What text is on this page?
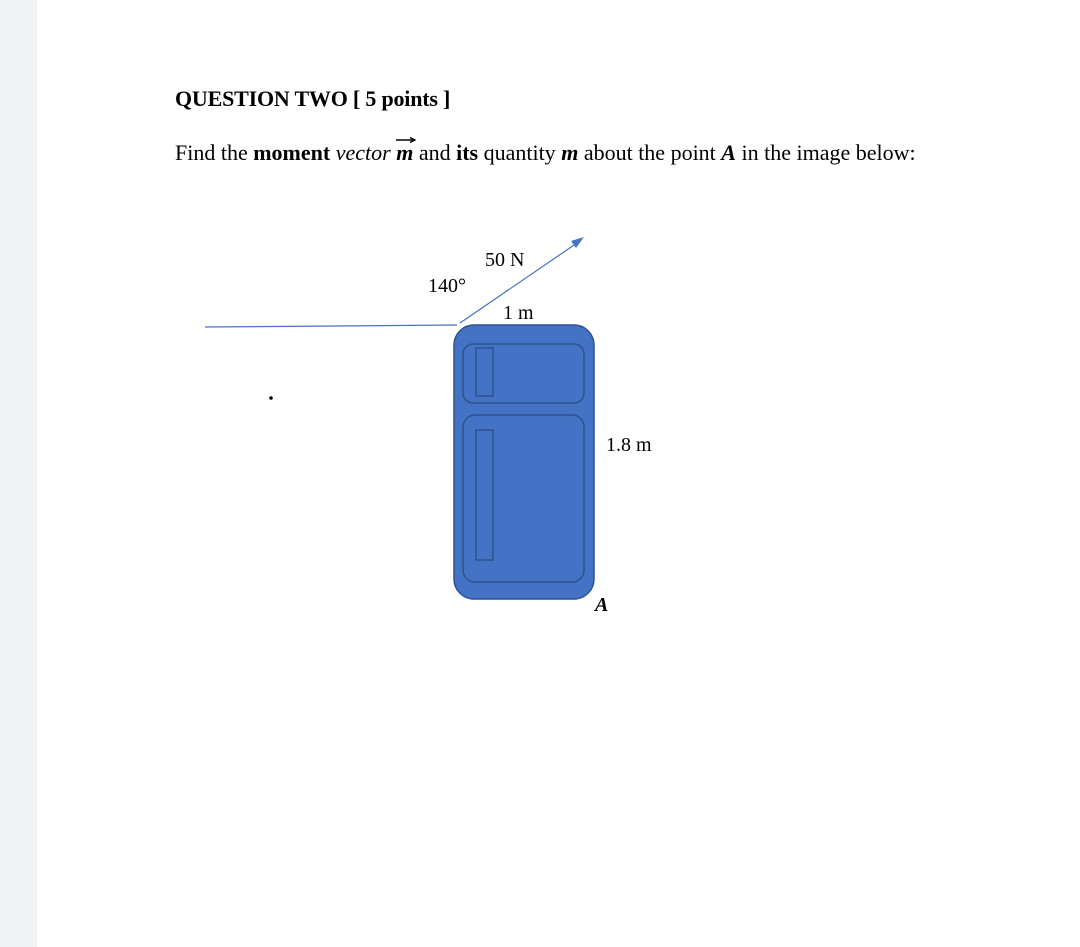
QUESTION TWO [ 5 points ]
Find the moment vector m and its quantity m about the point A in the image below:
50 N
140°
1 m
1.8 m
A
